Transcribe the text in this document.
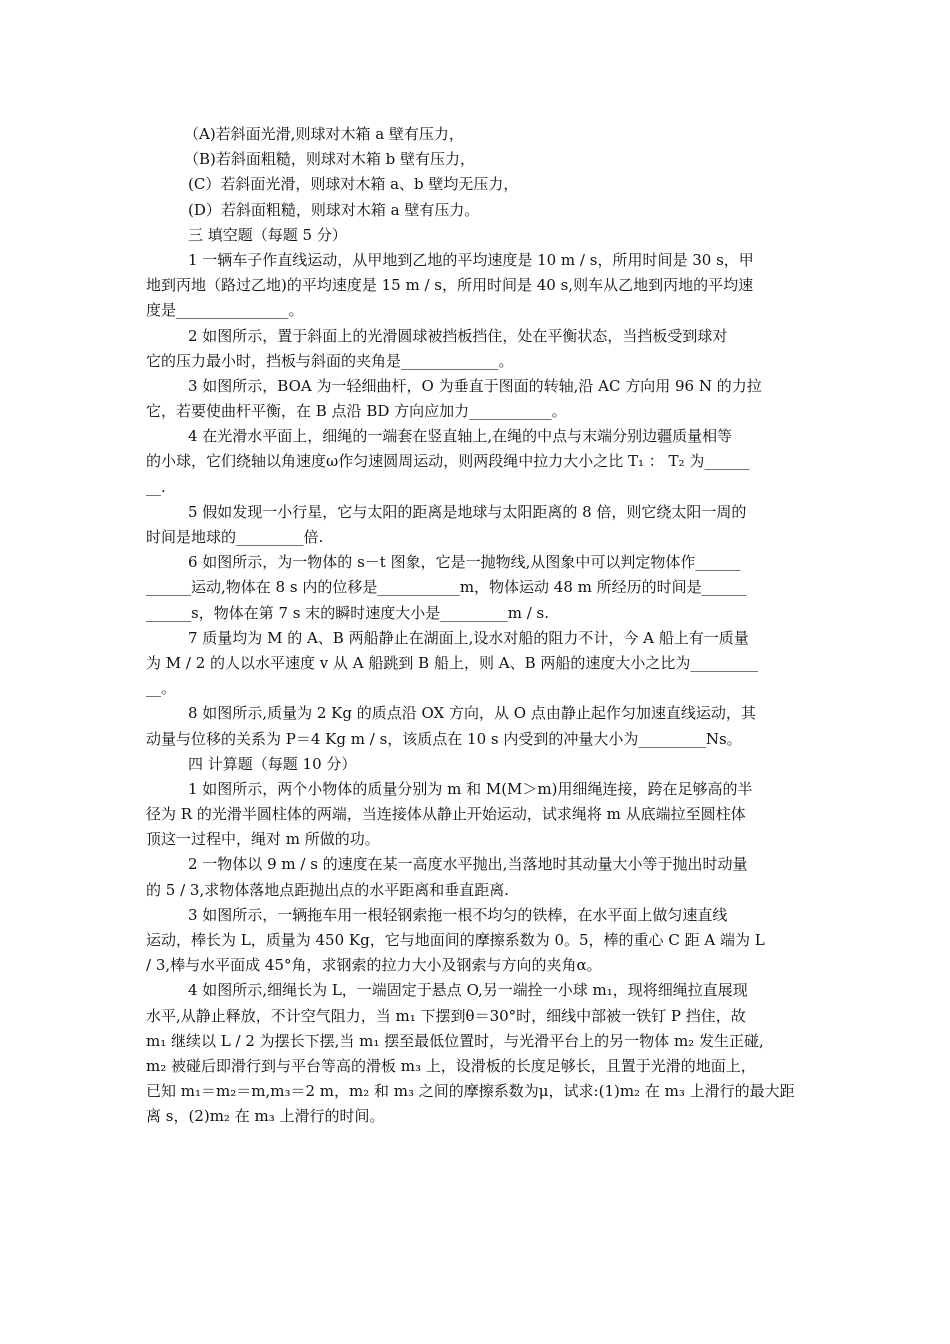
（A)若斜面光滑,则球对木箱 a 壁有压力，
（B)若斜面粗糙，则球对木箱 b 壁有压力，
(C）若斜面光滑，则球对木箱 a、b 壁均无压力，
(D）若斜面粗糙，则球对木箱 a 壁有压力。
三 填空题（每题 5 分）
1 一辆车子作直线运动，从甲地到乙地的平均速度是 10 m / s，所用时间是 30 s，甲
地到丙地（路过乙地)的平均速度是 15 m / s，所用时间是 40 s,则车从乙地到丙地的平均速
度是_______________。
2 如图所示，置于斜面上的光滑圆球被挡板挡住，处在平衡状态，当挡板受到球对
它的压力最小时，挡板与斜面的夹角是_____________。
3 如图所示，BOA 为一轻细曲杆，O 为垂直于图面的转轴,沿 AC 方向用 96 N 的力拉
它，若要使曲杆平衡，在 B 点沿 BD 方向应加力___________。
4 在光滑水平面上，细绳的一端套在竖直轴上,在绳的中点与末端分别边疆质量相等
的小球，它们绕轴以角速度ω作匀速圆周运动，则两段绳中拉力大小之比 T₁ ： T₂ 为______
__.
5 假如发现一小行星，它与太阳的距离是地球与太阳距离的 8 倍，则它绕太阳一周的
时间是地球的_________倍.
6 如图所示，为一物体的 s－t 图象，它是一抛物线,从图象中可以判定物体作______
______运动,物体在 8 s 内的位移是___________m，物体运动 48 m 所经历的时间是______
______s，物体在第 7 s 末的瞬时速度大小是_________m / s.
7 质量均为 M 的 A、B 两船静止在湖面上,设水对船的阻力不计，今 A 船上有一质量
为 M / 2 的人以水平速度 v 从 A 船跳到 B 船上，则 A、B 两船的速度大小之比为_________
__。
8 如图所示,质量为 2 Kg 的质点沿 OX 方向，从 O 点由静止起作匀加速直线运动，其
动量与位移的关系为 P＝4 Kg m / s，该质点在 10 s 内受到的冲量大小为_________Ns。
四 计算题（每题 10 分）
1 如图所示，两个小物体的质量分别为 m 和 M(M＞m)用细绳连接，跨在足够高的半
径为 R 的光滑半圆柱体的两端，当连接体从静止开始运动，试求绳将 m 从底端拉至圆柱体
顶这一过程中，绳对 m 所做的功。
2 一物体以 9 m / s 的速度在某一高度水平抛出,当落地时其动量大小等于抛出时动量
的 5 / 3,求物体落地点距抛出点的水平距离和垂直距离.
3 如图所示，一辆拖车用一根轻钢索拖一根不均匀的铁棒，在水平面上做匀速直线
运动，棒长为 L，质量为 450 Kg，它与地面间的摩擦系数为 0。5，棒的重心 C 距 A 端为 L
/ 3,棒与水平面成 45°角，求钢索的拉力大小及钢索与方向的夹角α。
4 如图所示,细绳长为 L，一端固定于悬点 O,另一端拴一小球 m₁，现将细绳拉直展现
水平,从静止释放，不计空气阻力，当 m₁ 下摆到θ＝30°时，细线中部被一铁钉 P 挡住，故
m₁ 继续以 L / 2 为摆长下摆,当 m₁ 摆至最低位置时，与光滑平台上的另一物体 m₂ 发生正碰,
m₂ 被碰后即滑行到与平台等高的滑板 m₃ 上，设滑板的长度足够长，且置于光滑的地面上，
已知 m₁＝m₂＝m,m₃＝2 m，m₂ 和 m₃ 之间的摩擦系数为μ，试求:(1)m₂ 在 m₃ 上滑行的最大距
离 s，(2)m₂ 在 m₃ 上滑行的时间。
